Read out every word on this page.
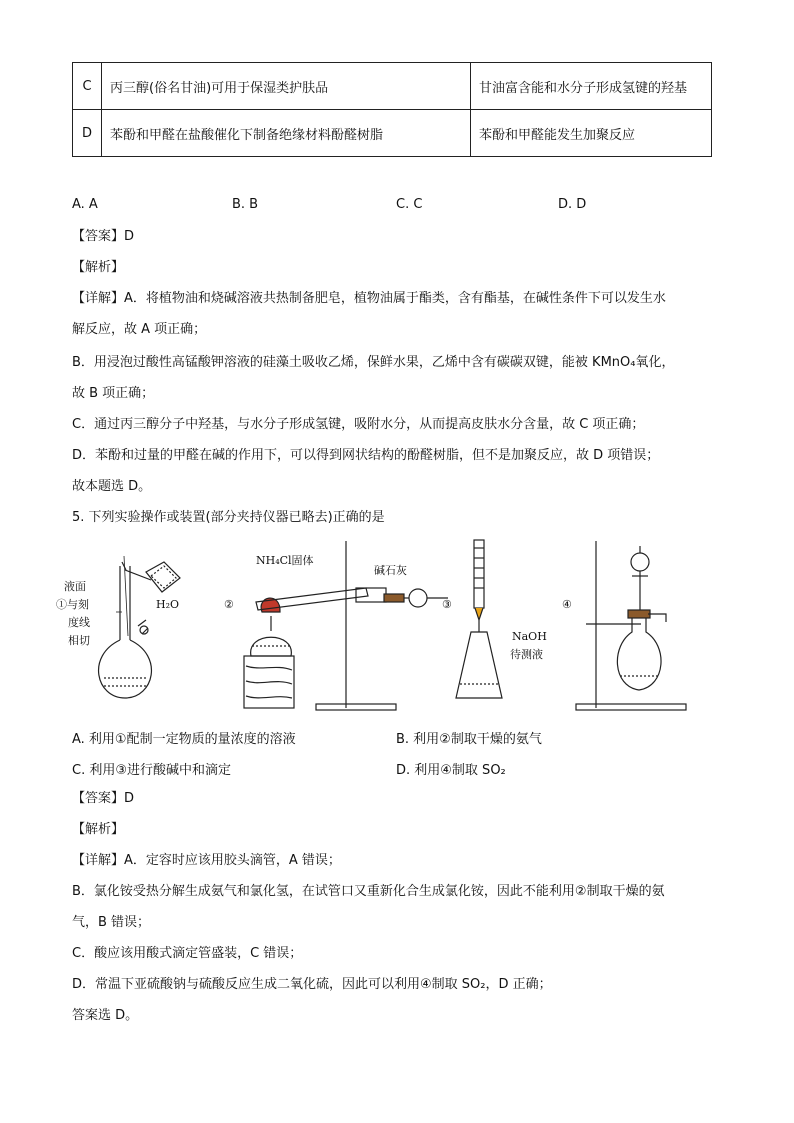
C	丙三醇(俗名甘油)可用于保湿类护肤品	甘油富含能和水分子形成氢键的羟基
D	苯酚和甲醛在盐酸催化下制备绝缘材料酚醛树脂	苯酚和甲醛能发生加聚反应
A. A	B. B	C. C	D. D
【答案】D
【解析】
【详解】A．将植物油和烧碱溶液共热制备肥皂，植物油属于酯类，含有酯基，在碱性条件下可以发生水
解反应，故 A 项正确；
B．用浸泡过酸性高锰酸钾溶液的硅藻土吸收乙烯，保鲜水果，乙烯中含有碳碳双键，能被 KMnO₄氧化，
故 B 项正确；
C．通过丙三醇分子中羟基，与水分子形成氢键，吸附水分，从而提高皮肤水分含量，故 C 项正确；
D．苯酚和过量的甲醛在碱的作用下，可以得到网状结构的酚醛树脂，但不是加聚反应，故 D 项错误；
故本题选 D。
5. 下列实验操作或装置(部分夹持仪器已略去)正确的是
液面
①与刻
度线
相切
H₂O	②
NH₄Cl固体
碱石灰
③
NaOH
待测液
④
A. 利用①配制一定物质的量浓度的溶液	B. 利用②制取干燥的氨气
C. 利用③进行酸碱中和滴定	D. 利用④制取 SO₂
【答案】D
【解析】
【详解】A．定容时应该用胶头滴管，A 错误；
B．氯化铵受热分解生成氨气和氯化氢，在试管口又重新化合生成氯化铵，因此不能利用②制取干燥的氨
气，B 错误；
C．酸应该用酸式滴定管盛装，C 错误；
D．常温下亚硫酸钠与硫酸反应生成二氧化硫，因此可以利用④制取 SO₂，D 正确；
答案选 D。
